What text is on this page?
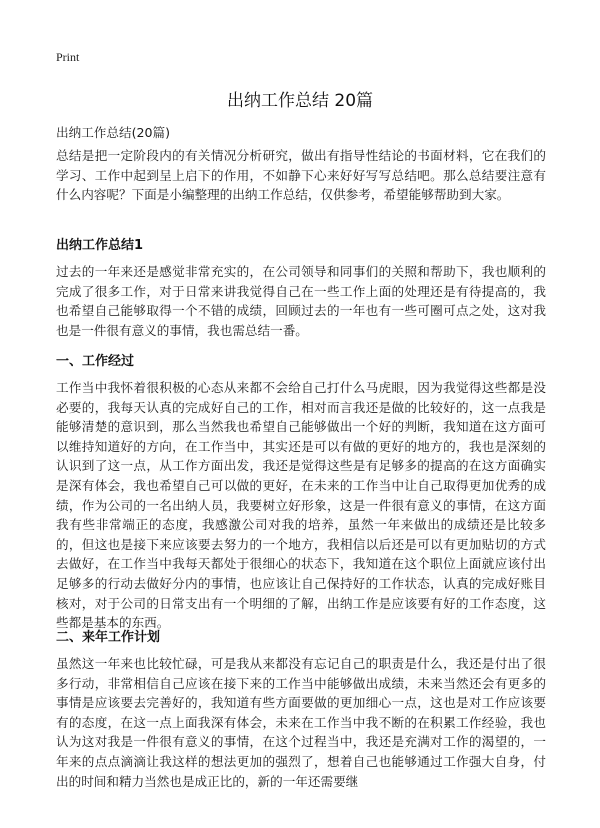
Print
出纳工作总结 20篇
出纳工作总结(20篇)
总结是把一定阶段内的有关情况分析研究，做出有指导性结论的书面材料，它在我们的学习、工作中起到呈上启下的作用，不如静下心来好好写写总结吧。那么总结要注意有什么内容呢？下面是小编整理的出纳工作总结，仅供参考，希望能够帮助到大家。
出纳工作总结1
过去的一年来还是感觉非常充实的，在公司领导和同事们的关照和帮助下，我也顺利的完成了很多工作，对于日常来讲我觉得自己在一些工作上面的处理还是有待提高的，我也希望自己能够取得一个不错的成绩，回顾过去的一年也有一些可圈可点之处，这对我也是一件很有意义的事情，我也需总结一番。
一、工作经过
工作当中我怀着很积极的心态从来都不会给自己打什么马虎眼，因为我觉得这些都是没必要的，我每天认真的完成好自己的工作，相对而言我还是做的比较好的，这一点我是能够清楚的意识到，那么当然我也希望自己能够做出一个好的判断，我知道在这方面可以维持知道好的方向，在工作当中，其实还是可以有做的更好的地方的，我也是深刻的认识到了这一点，从工作方面出发，我还是觉得这些是有足够多的提高的在这方面确实是深有体会，我也希望自己可以做的更好，在未来的工作当中让自己取得更加优秀的成绩，作为公司的一名出纳人员，我要树立好形象，这是一件很有意义的事情，在这方面我有些非常端正的态度，我感激公司对我的培养，虽然一年来做出的成绩还是比较多的，但这也是接下来应该要去努力的一个地方，我相信以后还是可以有更加贴切的方式去做好，在工作当中我每天都处于很细心的状态下，我知道在这个职位上面就应该付出足够多的行动去做好分内的事情，也应该让自己保持好的工作状态，认真的完成好账目核对，对于公司的日常支出有一个明细的了解，出纳工作是应该要有好的工作态度，这些都是基本的东西。
二、来年工作计划
虽然这一年来也比较忙碌，可是我从来都没有忘记自己的职责是什么，我还是付出了很多行动，非常相信自己应该在接下来的工作当中能够做出成绩，未来当然还会有更多的事情是应该要去完善好的，我知道有些方面要做的更加细心一点，这也是对工作应该要有的态度，在这一点上面我深有体会，未来在工作当中我不断的在积累工作经验，我也认为这对我是一件很有意义的事情，在这个过程当中，我还是充满对工作的渴望的，一年来的点点滴滴让我这样的想法更加的强烈了，想着自己也能够通过工作强大自身，付出的时间和精力当然也是成正比的，新的一年还需要继
